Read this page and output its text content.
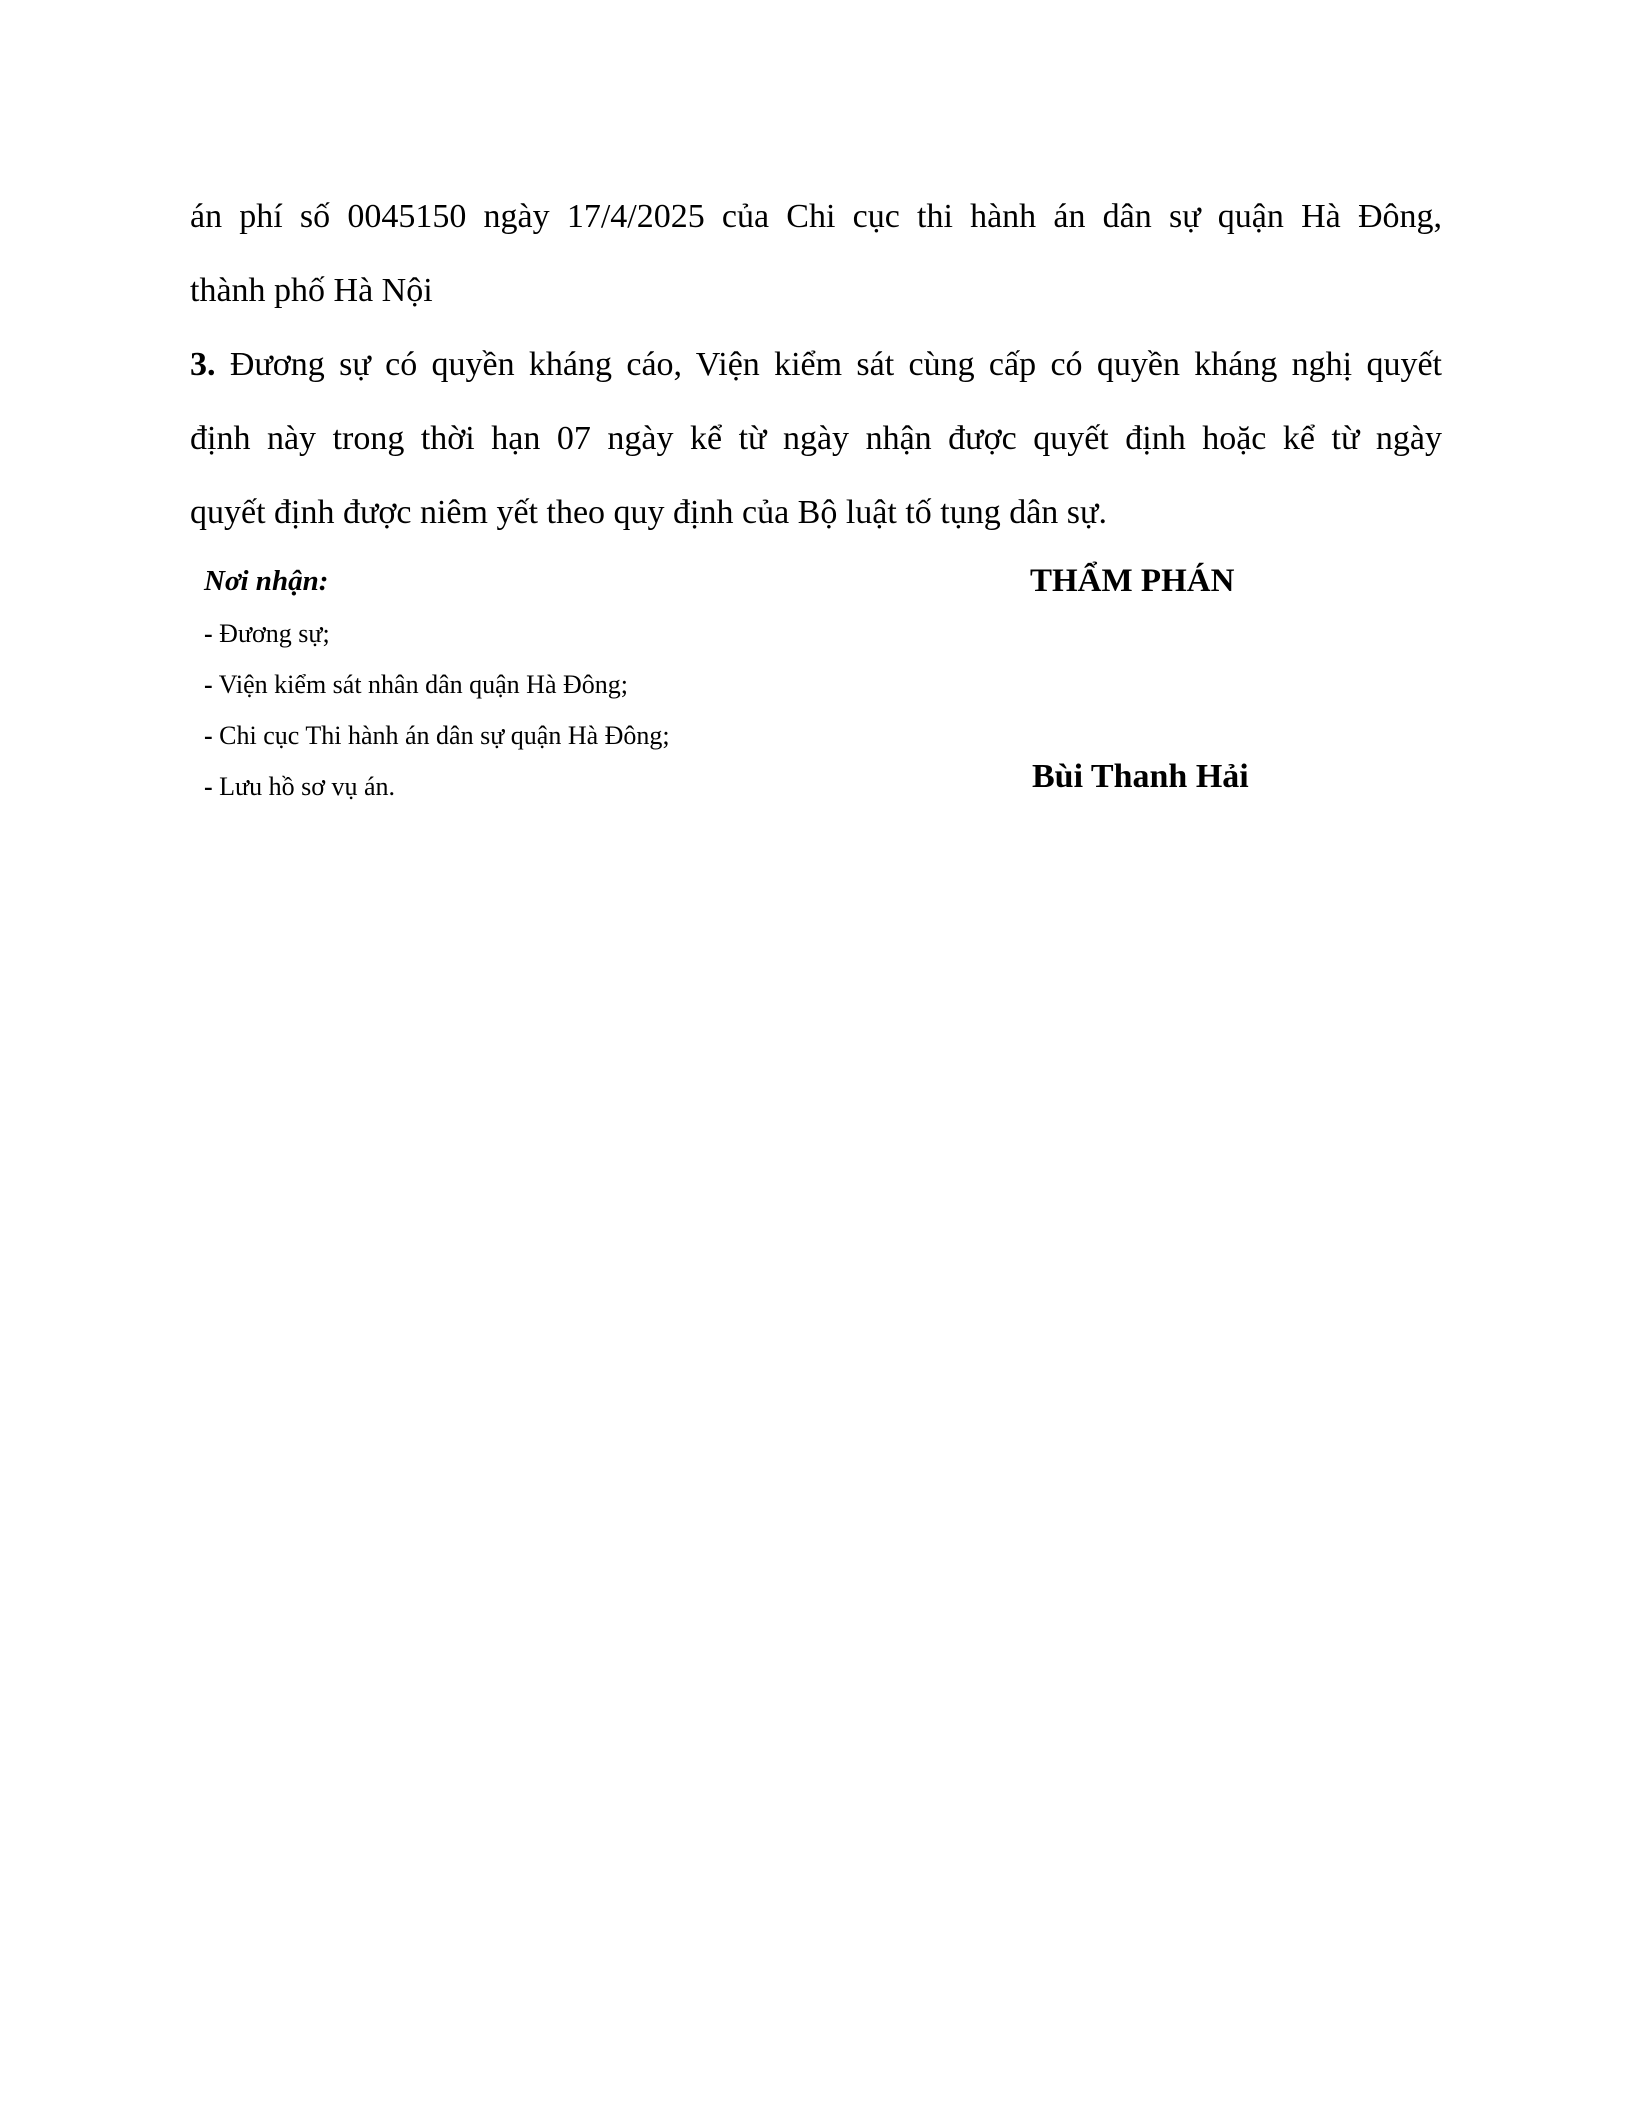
án phí số 0045150 ngày 17/4/2025 của Chi cục thi hành án dân sự quận Hà Đông,
thành phố Hà Nội
3. Đương sự có quyền kháng cáo, Viện kiểm sát cùng cấp có quyền kháng nghị quyết
định này trong thời hạn 07 ngày kể từ ngày nhận được quyết định hoặc kể từ ngày
quyết định được niêm yết theo quy định của Bộ luật tố tụng dân sự.
Nơi nhận:
- Đương sự;
- Viện kiểm sát nhân dân quận Hà Đông;
- Chi cục Thi hành án dân sự quận Hà Đông;
- Lưu hồ sơ vụ án.
THẨM PHÁN
Bùi Thanh Hải
